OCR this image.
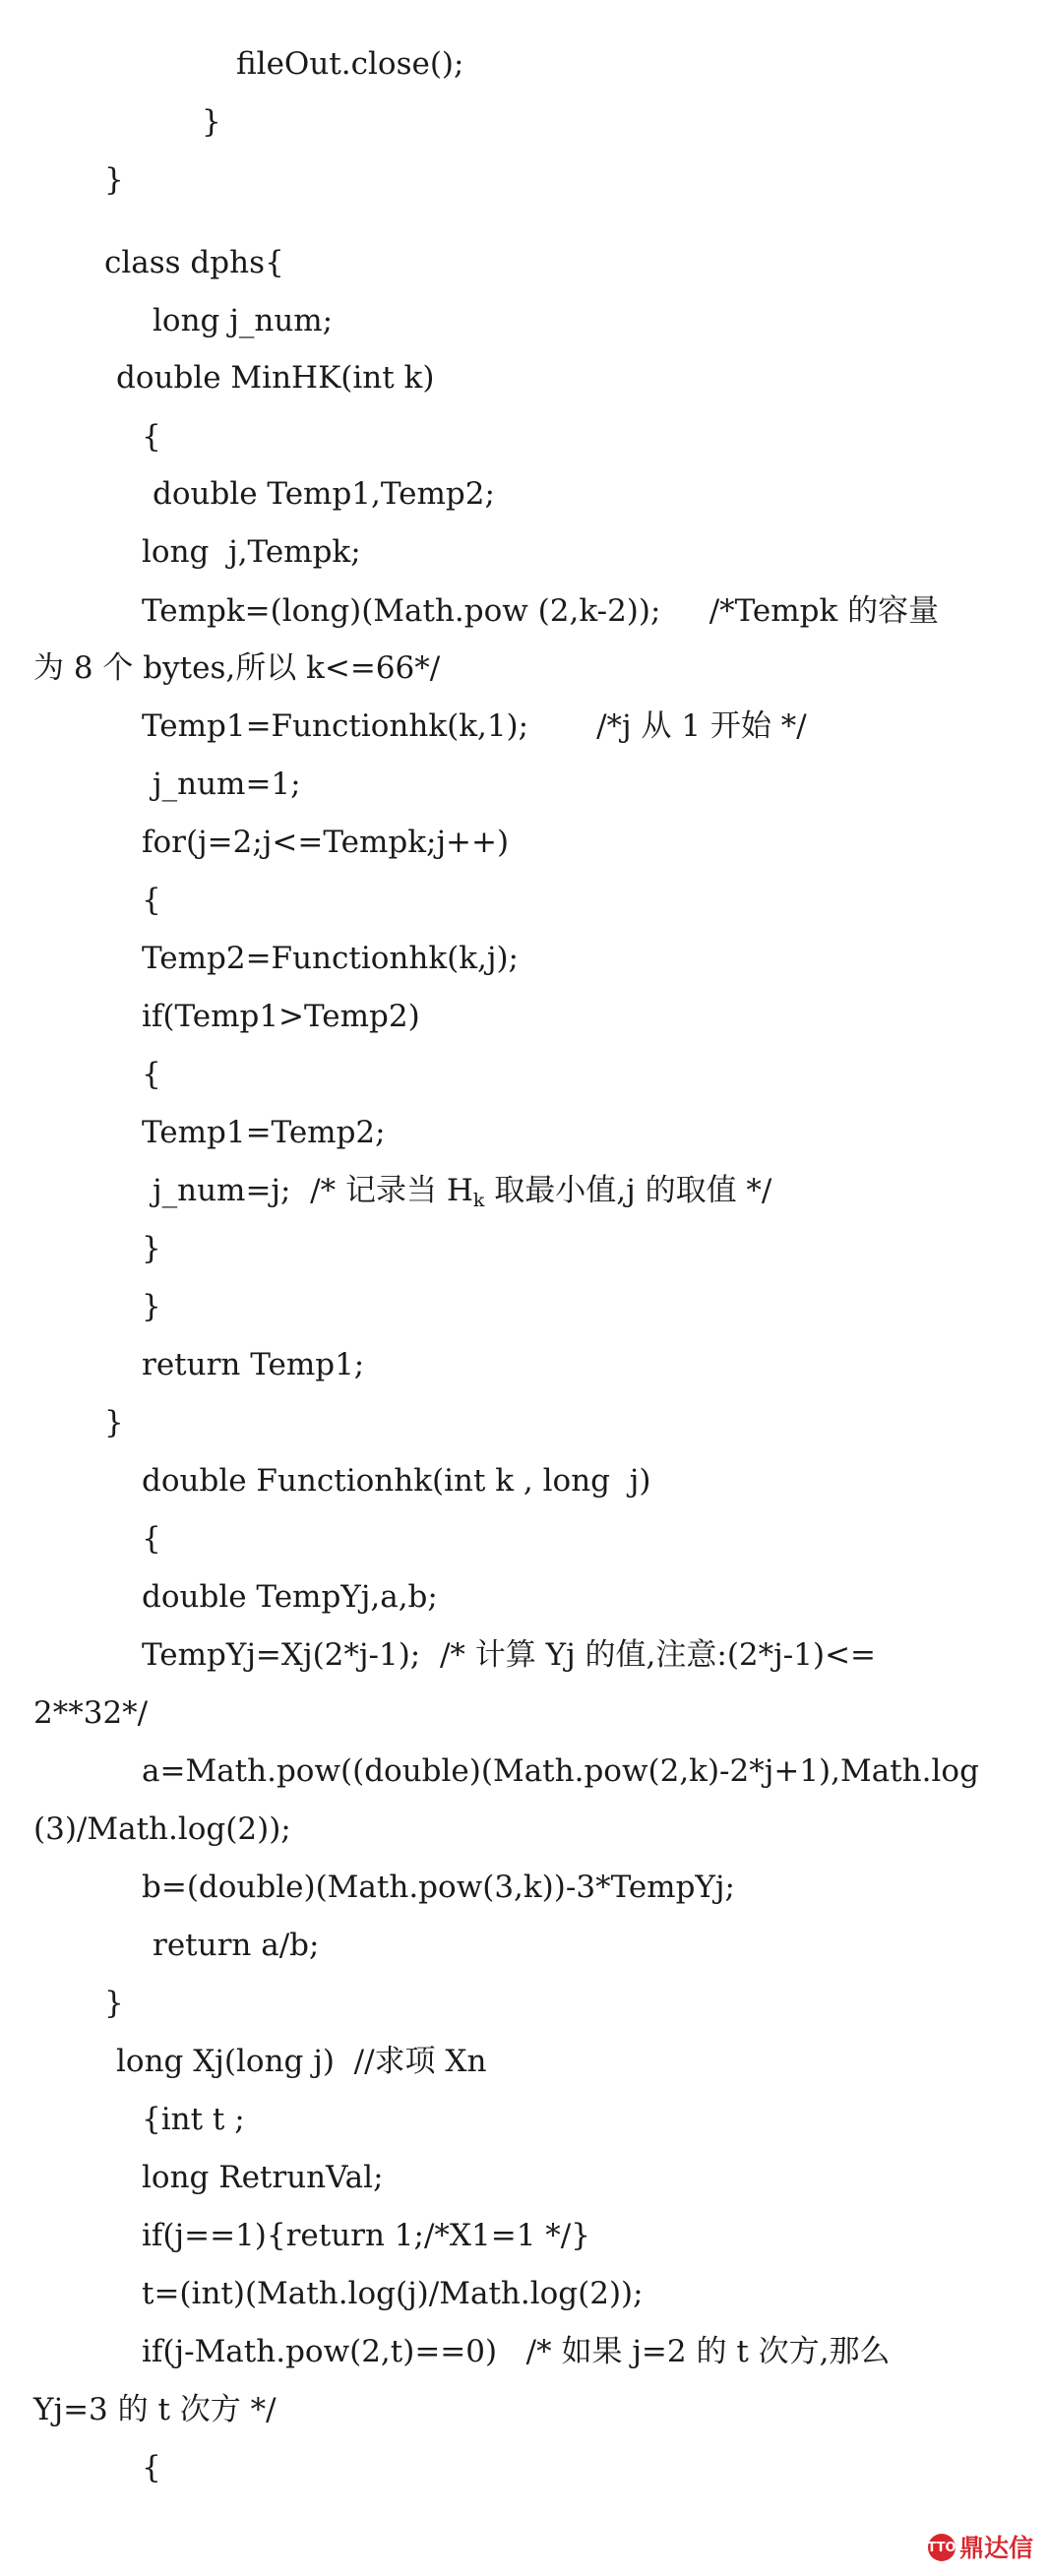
fileOut.close();
}
}
class dphs{
long j_num;
double MinHK(int k)
{
double Temp1,Temp2;
long  j,Tempk;
Tempk=(long)(Math.pow (2,k-2));     /*Tempk 的容量
为 8 个 bytes,所以 k<=66*/
Temp1=Functionhk(k,1);       /*j 从 1 开始 */
j_num=1;
for(j=2;j<=Tempk;j++)
{
Temp2=Functionhk(k,j);
if(Temp1>Temp2)
{
Temp1=Temp2;
j_num=j;  /* 记录当 $H_k$ 取最小值,j 的取值 */
}
}
return Temp1;
}
double Functionhk(int k , long  j)
{
double TempYj,a,b;
TempYj=Xj(2*j-1);  /* 计算 Yj 的值,注意:(2*j-1)<=
2**32*/
a=Math.pow((double)(Math.pow(2,k)-2*j+1),Math.log
(3)/Math.log(2));
b=(double)(Math.pow(3,k))-3*TempYj;
return a/b;
}
long Xj(long j)  //求项 Xn
{int t ;
long RetrunVal;
if(j==1){return 1;/*X1=1 */}
t=(int)(Math.log(j)/Math.log(2));
if(j-Math.pow(2,t)==0)   /* 如果 j=2 的 t 次方,那么
Yj=3 的 t 次方 */
{
TTO 鼎达信
